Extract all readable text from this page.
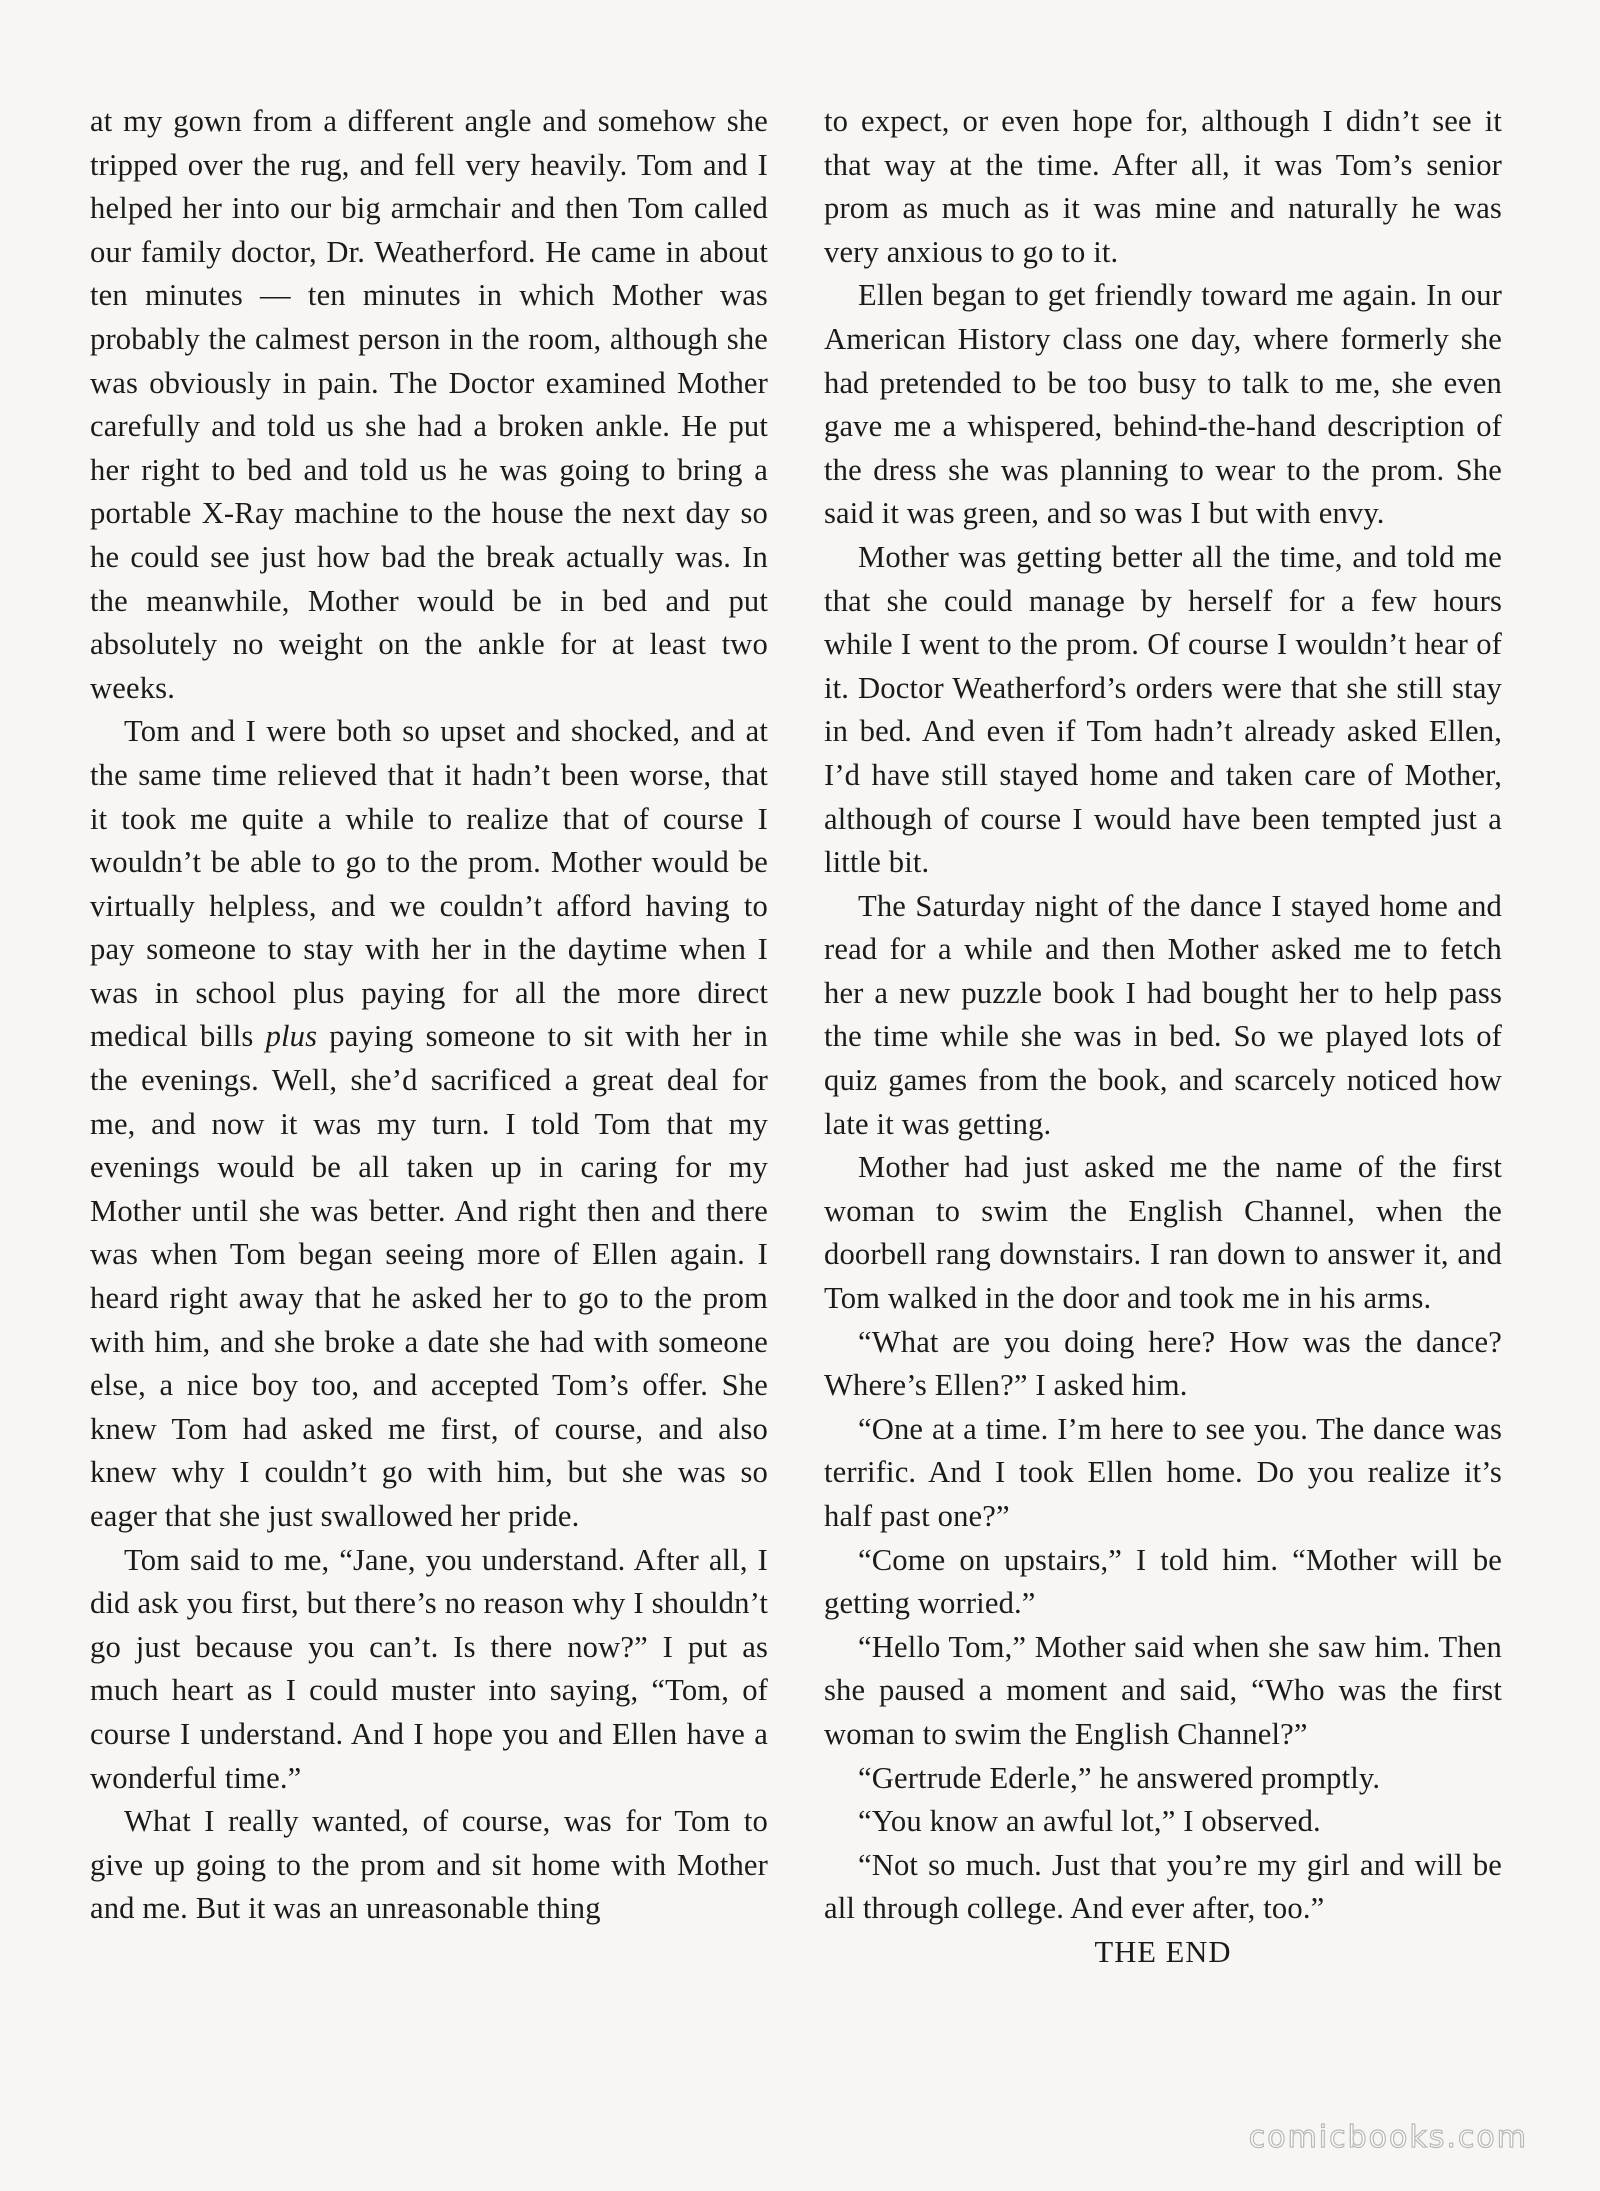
at my gown from a different angle and somehow she tripped over the rug, and fell very heavily. Tom and I helped her into our big armchair and then Tom called our family doctor, Dr. Weatherford. He came in about ten minutes — ten minutes in which Mother was probably the calmest person in the room, although she was obviously in pain. The Doctor examined Mother carefully and told us she had a broken ankle. He put her right to bed and told us he was going to bring a portable X-Ray machine to the house the next day so he could see just how bad the break actually was. In the meanwhile, Mother would be in bed and put absolutely no weight on the ankle for at least two weeks.

Tom and I were both so upset and shocked, and at the same time relieved that it hadn’t been worse, that it took me quite a while to realize that of course I wouldn’t be able to go to the prom. Mother would be virtually helpless, and we couldn’t afford having to pay someone to stay with her in the daytime when I was in school plus paying for all the more direct medical bills plus paying someone to sit with her in the evenings. Well, she’d sacrificed a great deal for me, and now it was my turn. I told Tom that my evenings would be all taken up in caring for my Mother until she was better. And right then and there was when Tom began seeing more of Ellen again. I heard right away that he asked her to go to the prom with him, and she broke a date she had with someone else, a nice boy too, and accepted Tom’s offer. She knew Tom had asked me first, of course, and also knew why I couldn’t go with him, but she was so eager that she just swallowed her pride.

Tom said to me, “Jane, you understand. After all, I did ask you first, but there’s no reason why I shouldn’t go just because you can’t. Is there now?” I put as much heart as I could muster into saying, “Tom, of course I understand. And I hope you and Ellen have a wonderful time.”

What I really wanted, of course, was for Tom to give up going to the prom and sit home with Mother and me. But it was an unreasonable thing

to expect, or even hope for, although I didn’t see it that way at the time. After all, it was Tom’s senior prom as much as it was mine and naturally he was very anxious to go to it.

Ellen began to get friendly toward me again. In our American History class one day, where formerly she had pretended to be too busy to talk to me, she even gave me a whispered, behind-the-hand description of the dress she was planning to wear to the prom. She said it was green, and so was I but with envy.

Mother was getting better all the time, and told me that she could manage by herself for a few hours while I went to the prom. Of course I wouldn’t hear of it. Doctor Weatherford’s orders were that she still stay in bed. And even if Tom hadn’t already asked Ellen, I’d have still stayed home and taken care of Mother, although of course I would have been tempted just a little bit.

The Saturday night of the dance I stayed home and read for a while and then Mother asked me to fetch her a new puzzle book I had bought her to help pass the time while she was in bed. So we played lots of quiz games from the book, and scarcely noticed how late it was getting.

Mother had just asked me the name of the first woman to swim the English Channel, when the doorbell rang downstairs. I ran down to answer it, and Tom walked in the door and took me in his arms.

“What are you doing here? How was the dance? Where’s Ellen?” I asked him.

“One at a time. I’m here to see you. The dance was terrific. And I took Ellen home. Do you realize it’s half past one?”

“Come on upstairs,” I told him. “Mother will be getting worried.”

“Hello Tom,” Mother said when she saw him. Then she paused a moment and said, “Who was the first woman to swim the English Channel?”

“Gertrude Ederle,” he answered promptly.

“You know an awful lot,” I observed.

“Not so much. Just that you’re my girl and will be all through college. And ever after, too.”

THE END

comicbooks.com
